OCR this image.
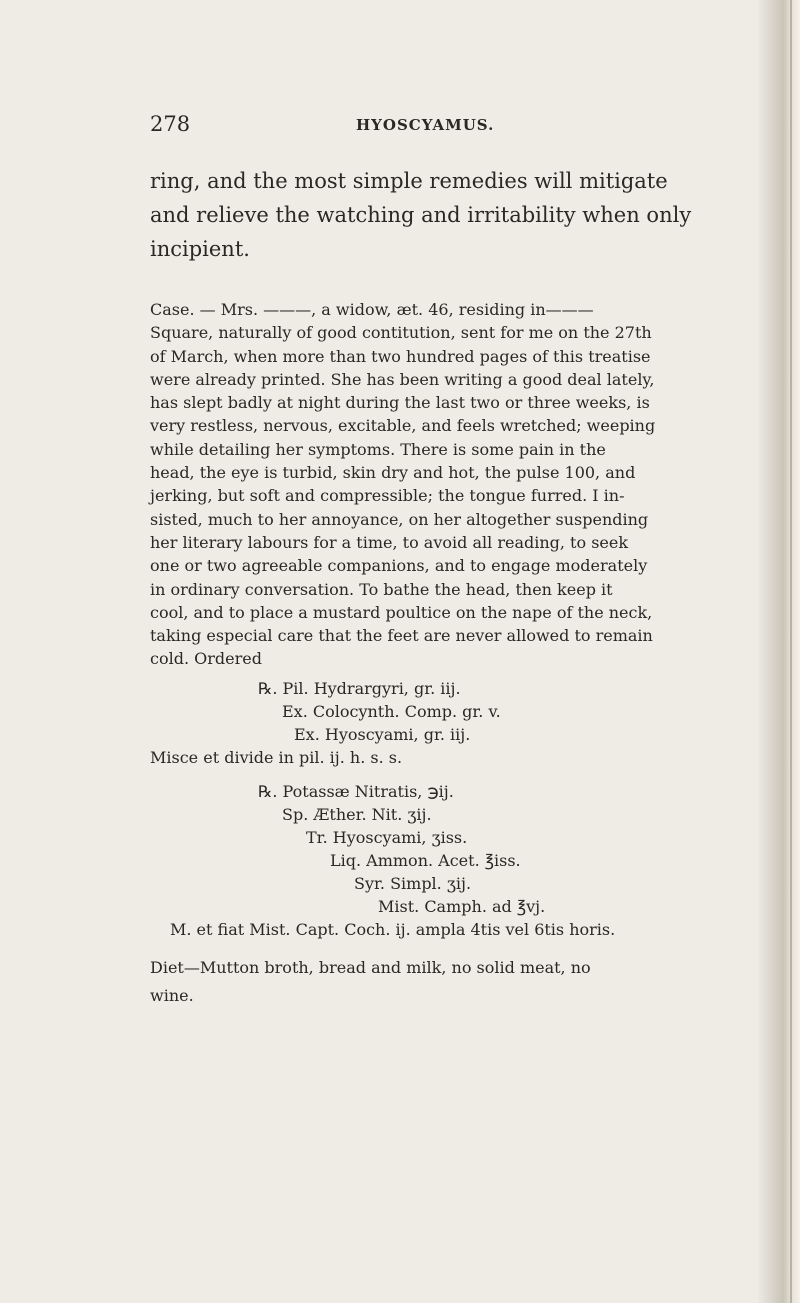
278	HYOSCYAMUS.
ring, and the most simple remedies will mitigate
and relieve the watching and irritability when only
incipient.
Case. — Mrs. ———, a widow, æt. 46, residing in———
Square, naturally of good contitution, sent for me on the 27th
of March, when more than two hundred pages of this treatise
were already printed. She has been writing a good deal lately,
has slept badly at night during the last two or three weeks, is
very restless, nervous, excitable, and feels wretched; weeping
while detailing her symptoms. There is some pain in the
head, the eye is turbid, skin dry and hot, the pulse 100, and
jerking, but soft and compressible; the tongue furred. I in-
sisted, much to her annoyance, on her altogether suspending
her literary labours for a time, to avoid all reading, to seek
one or two agreeable companions, and to engage moderately
in ordinary conversation. To bathe the head, then keep it
cool, and to place a mustard poultice on the nape of the neck,
taking especial care that the feet are never allowed to remain
cold. Ordered
℞. Pil. Hydrargyri, gr. iij.
Ex. Colocynth. Comp. gr. v.
Ex. Hyoscyami, gr. iij.
Misce et divide in pil. ij. h. s. s.
℞. Potassæ Nitratis, ℈ij.
Sp. Æther. Nit. ʒij.
Tr. Hyoscyami, ʒiss.
Liq. Ammon. Acet. ℥iss.
Syr. Simpl. ʒij.
Mist. Camph. ad ℥vj.
M. et fiat Mist. Capt. Coch. ij. ampla 4tis vel 6tis horis.
Diet—Mutton broth, bread and milk, no solid meat, no
wine.
